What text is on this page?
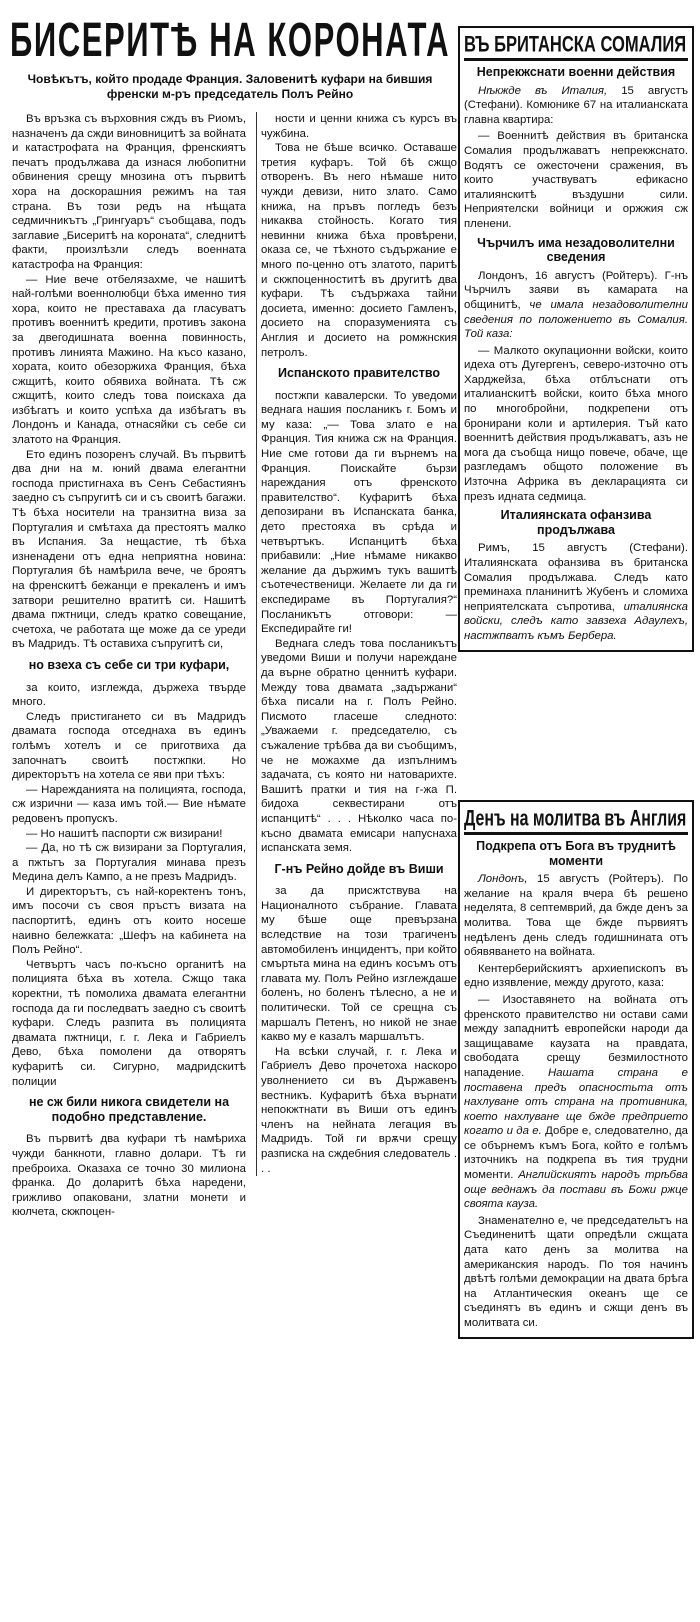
БИСЕРИТѢ НА КОРОНАТА
Човѣкътъ, който продаде Франция. Заловенитѣ куфари на бившия френски м-ръ председатель Полъ Рейно

Въ връзка съ върховния сждъ въ Риомъ, назначенъ да сжди виновницитѣ за войната и катастрофата на Франция, френскиятъ печатъ продължава да изнася любопитни обвинения срещу мнозина отъ първитѣ хора на доскорашния режимъ на тая страна. Въ този редъ на нѣщата седмичникътъ „Грингуаръ“ съобщава, подъ заглавие „Бисеритѣ на короната“, следнитѣ факти, произлѣзли следъ военната катастрофа на Франция:

— Ние вече отбелязахме, че нашитѣ най-голѣми военнолюбци бѣха именно тия хора, които не преставаха да гласуватъ противъ военнитѣ кредити, противъ закона за двегодишната военна повинность, противъ линията Мажино. На късо казано, хората, които обезоржиха Франция, бѣха сжщитѣ, които обявиха войната. Тѣ сж сжщитѣ, които следъ това поискаха да избѣгатъ и които успѣха да избѣгатъ въ Лондонъ и Канада, отнасяйки съ себе си златото на Франция.

Ето единъ позоренъ случай. Въ първитѣ два дни на м. юний двама елегантни господа пристигнаха въ Сенъ Себастиянъ заедно съ съпругитѣ си и съ своитѣ багажи. Тѣ бѣха носители на транзитна виза за Португалия и смѣтаха да престоятъ малко въ Испания. За нещастие, тѣ бѣха изненадени отъ една неприятна новина: Португалия бѣ намѣрила вече, че броятъ на френскитѣ бежанци е прекаленъ и имъ затвори решително вратитѣ си. Нашитѣ двама пжтници, следъ кратко совещание, счетоха, че работата ще може да се уреди въ Мадридъ. Тѣ оставиха съпругитѣ си,

но взеха съ себе си три куфари,

за които, изглежда, държеха твърде много.

Следъ пристигането си въ Мадридъ двамата господа отседнаха въ единъ голѣмъ хотелъ и се приготвиха да започнатъ своитѣ постжпки. Но директорътъ на хотела се яви при тѣхъ:

— Нарежданията на полицията, господа, сж изрични — каза имъ той.— Вие нѣмате редовенъ пропускъ.

— Но нашитѣ паспорти сж визирани!

— Да, но тѣ сж визирани за Португалия, а пжтьтъ за Португалия минава презъ Медина делъ Кампо, а не презъ Мадридъ.

И директорътъ, съ най-коректенъ тонъ, имъ посочи съ своя пръстъ визата на паспортитѣ, единъ отъ които носеше наивно бележката: „Шефъ на кабинета на Полъ Рейно“.

Четвъртъ часъ по-късно органитѣ на полицията бѣха въ хотела. Сжщо така коректни, тѣ помолиха двамата елегантни господа да ги последватъ заедно съ своитѣ куфари. Следъ разпита въ полицията двамата пжтници, г. г. Лека и Габриелъ Дево, бѣха помолени да отворятъ куфаритѣ си. Сигурно, мадридскитѣ полиции

не сж били никога свидетели на подобно представление.

Въ първитѣ два куфари тѣ намѣриха чужди банкноти, главно долари. Тѣ ги преброиха. Оказаха се точно 30 милиона франка. До доларитѣ бѣха наредени, грижливо опаковани, златни монети и кюлчета, скжпоцен-

ности и ценни книжа съ курсъ въ чужбина.

Това не бѣше всичко. Оставаше третия куфаръ. Той бѣ сжщо отворенъ. Въ него нѣмаше нито чужди девизи, нито злато. Само книжа, на пръвъ погледъ безъ никаква стойность. Когато тия невинни книжа бѣха провѣрени, оказа се, че тѣхното съдържание е много по-ценно отъ златото, паритѣ и скжпоценноститѣ въ другитѣ два куфари. Тѣ съдържаха тайни досиета, именно: досието Гамленъ, досието на споразуменията съ Англия и досието на ромжнския петролъ.

Испанското правителство

постжпи кавалерски. То уведоми веднага нашия посланикъ г. Бомъ и му каза: „— Това злато е на Франция. Тия книжа сж на Франция. Ние сме готови да ги върнемъ на Франция. Поискайте бързи нареждания отъ френското правителство“. Куфаритѣ бѣха депозирани въ Испанската банка, дето престояха въ срѣда и четвъртъкъ. Испанцитѣ бѣха прибавили: „Ние нѣмаме никакво желание да държимъ тукъ вашитѣ съотечественици. Желаете ли да ги експедираме въ Португалия?“ Посланикътъ отговори: — Експедирайте ги!

Веднага следъ това посланикътъ уведоми Виши и получи нареждане да върне обратно ценнитѣ куфари. Между това двамата „задържани“ бѣха писали на г. Полъ Рейно. Писмото гласеше следното: „Уважаеми г. председателю, съ съжаление трѣбва да ви съобщимъ, че не можахме да изпълнимъ задачата, съ която ни натоварихте. Вашитѣ пратки и тия на г-жа П. бидоха секвестирани отъ испанцитѣ“ . . . Нѣколко часа по-късно двамата емисари напуснаха испанската земя.

Г-нъ Рейно дойде въ Виши

за да присжтствува на Националното събрание. Главата му бѣше още превързана вследствие на този трагиченъ автомобиленъ инцидентъ, при който смъртьта мина на единъ косъмъ отъ главата му. Полъ Рейно изглеждаше боленъ, но боленъ тѣлесно, а не и политически. Той се срещна съ маршалъ Петенъ, но никой не знае какво му е казалъ маршалътъ.

На всѣки случай, г. г. Лека и Габриелъ Дево прочетоха наскоро уволнението си въ Държавенъ вестникъ. Куфаритѣ бѣха върнати непокжтнати въ Виши отъ единъ членъ на нейната легация въ Мадридъ. Той ги врѫчи срещу разписка на сждебния следователь . . .

ВЪ БРИТАНСКА СОМАЛИЯ

Непрекжснати военни действия

Нѣкжде въ Италия, 15 августъ (Стефани). Комюнике 67 на италианската главна квартира:

— Военнитѣ действия въ британска Сомалия продължаватъ непрекжснато. Водятъ се ожесточени сражения, въ които участвуватъ ефикасно италиянскитѣ въздушни сили. Неприятелски войници и оржжия сж пленени.

Чърчилъ има незадоволителни сведения

Лондонъ, 16 августъ (Ройтеръ). Г-нъ Чърчилъ заяви въ камарата на общинитѣ, че имала незадоволителни сведения по положението въ Сомалия. Той каза:

— Малкото окупационни войски, които идеха отъ Дугергенъ, северо-източно отъ Харджейза, бѣха отблъснати отъ италианскитѣ войски, които бѣха много по многобройни, подкрепени отъ бронирани коли и артилерия. Тъй като военнитѣ действия продължаватъ, азъ не мога да съобща нищо повече, обаче, ще разгледамъ общото положение въ Източна Африка въ декларацията си презъ идната седмица.

Италиянската офанзива продължава

Римъ, 15 августъ (Стефани). Италиянската офанзива въ британска Сомалия продължава. Следъ като преминаха планинитѣ Жубенъ и сломиха неприятелската съпротива, италиянска войски, следъ като завзеха Адаулехъ, настжпватъ къмъ Бербера.

Денъ на молитва въ Англия

Подкрепа отъ Бога въ труднитѣ моменти

Лондонъ, 15 августъ (Ройтеръ). По желание на краля вчера бѣ решено неделята, 8 септемврий, да бжде денъ за молитва. Това ще бжде първиятъ недѣленъ день следъ годишнината отъ обявяването на войната.

Кентерберийскиятъ архиепископъ въ едно изявление, между другото, каза:

— Изоставянето на войната отъ френското правителство ни остави сами между западнитѣ европейски народи да защищаваме каузата на правдата, свободата срещу безмилостното нападение. Нашата страна е поставена предъ опасностьта отъ нахлуване отъ страна на противника, което нахлуване ще бжде предприето когато и да е. Добре е, следователно, да се обърнемъ къмъ Бога, който е голѣмъ източникъ на подкрепа въ тия трудни моменти. Английскиятъ народъ трѣбва още веднажъ да постави въ Божи ржце своята кауза.

Знаменателно е, че председательтъ на Съединенитѣ щати опредѣли сжщата дата като денъ за молитва на американския народъ. По тоя начинъ двѣтѣ голѣми демокрации на двата брѣга на Атлантическия океанъ ще се съединятъ въ единъ и сжщи денъ въ молитвата си.
